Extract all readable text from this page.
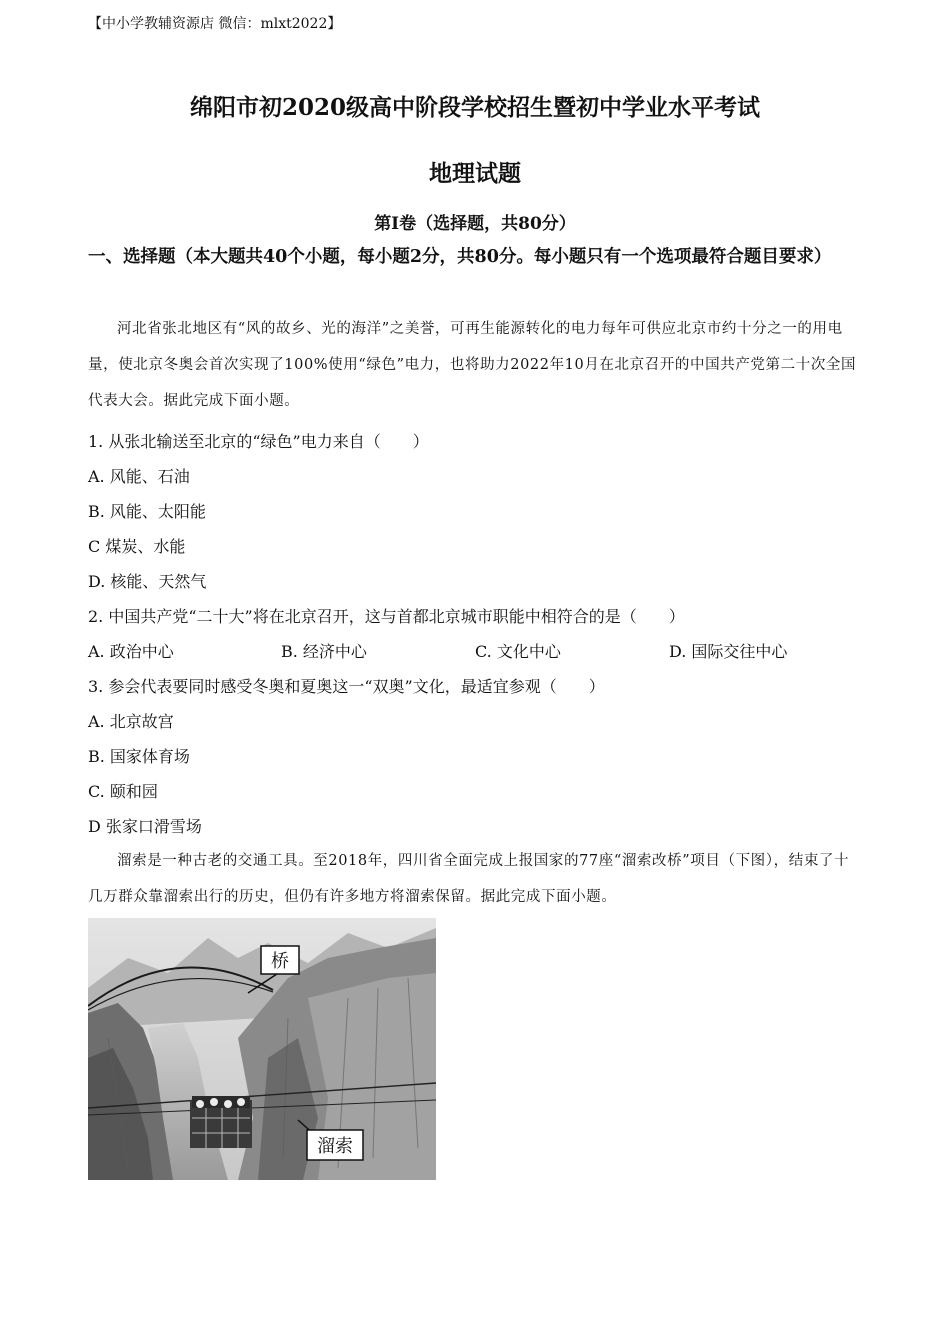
【中小学教辅资源店 微信：mlxt2022】
绵阳市初2020级高中阶段学校招生暨初中学业水平考试
地理试题
第Ⅰ卷（选择题，共80分）
一、选择题（本大题共40个小题，每小题2分，共80分。每小题只有一个选项最符合题目要求）
河北省张北地区有“风的故乡、光的海洋”之美誉，可再生能源转化的电力每年可供应北京市约十分之一的用电量，使北京冬奥会首次实现了100%使用“绿色”电力，也将助力2022年10月在北京召开的中国共产党第二十次全国代表大会。据此完成下面小题。
1. 从张北输送至北京的“绿色”电力来自（　　）
A. 风能、石油
B. 风能、太阳能
C 煤炭、水能
D. 核能、天然气
2. 中国共产党“二十大”将在北京召开，这与首都北京城市职能中相符合的是（　　）
A. 政治中心	B. 经济中心	C. 文化中心	D. 国际交往中心
3. 参会代表要同时感受冬奥和夏奥这一“双奥”文化，最适宜参观（　　）
A. 北京故宫
B. 国家体育场
C. 颐和园
D 张家口滑雪场
溜索是一种古老的交通工具。至2018年，四川省全面完成上报国家的77座“溜索改桥”项目（下图），结束了十几万群众靠溜索出行的历史，但仍有许多地方将溜索保留。据此完成下面小题。
桥
溜索
